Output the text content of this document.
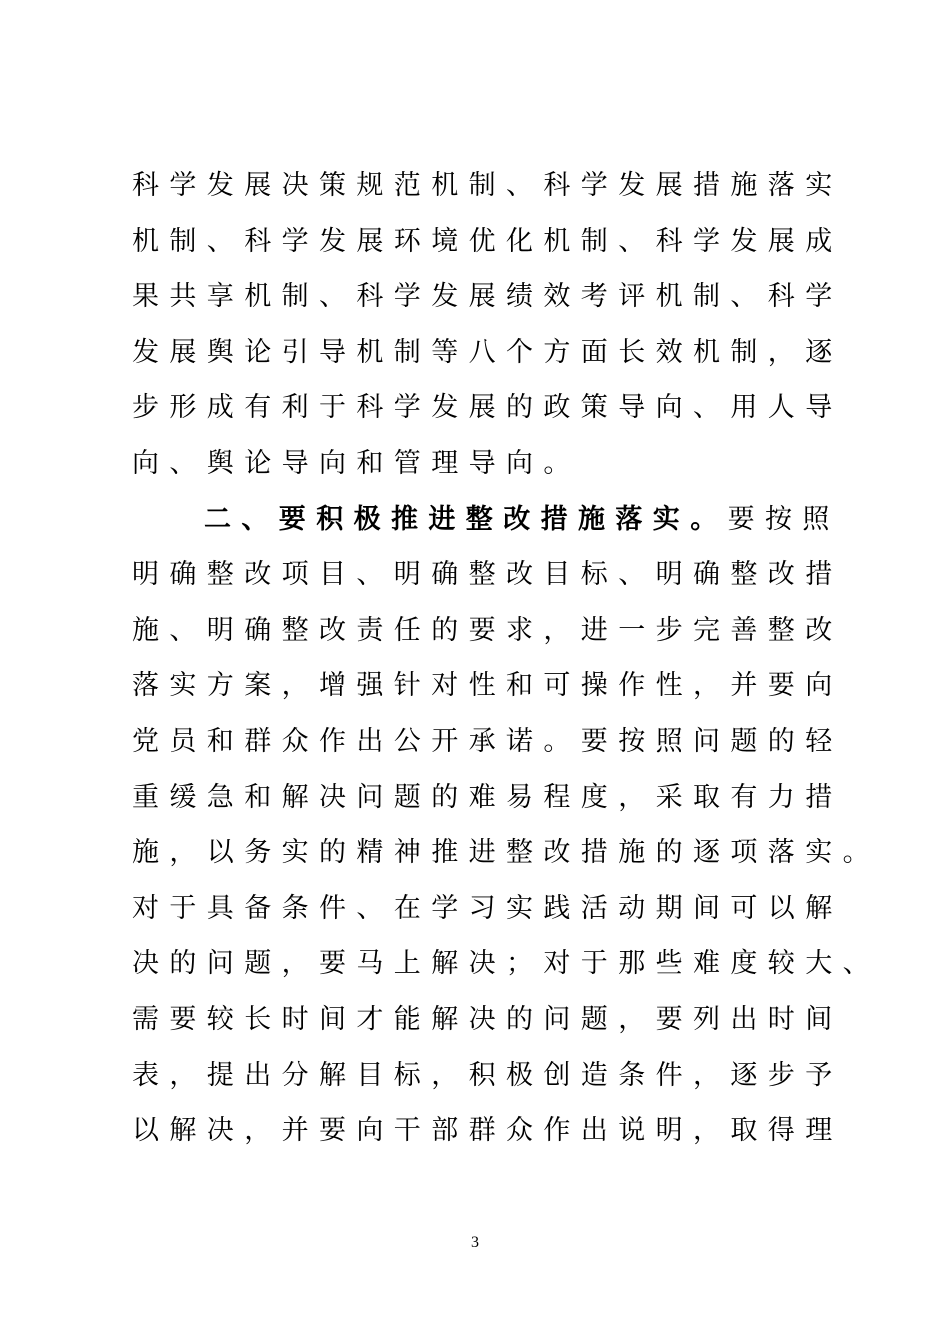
科学发展决策规范机制、科学发展措施落实
机制、科学发展环境优化机制、科学发展成
果共享机制、科学发展绩效考评机制、科学
发展舆论引导机制等八个方面长效机制，逐
步形成有利于科学发展的政策导向、用人导
向、舆论导向和管理导向。
二、要积极推进整改措施落实。要按照
明确整改项目、明确整改目标、明确整改措
施、明确整改责任的要求，进一步完善整改
落实方案，增强针对性和可操作性，并要向
党员和群众作出公开承诺。要按照问题的轻
重缓急和解决问题的难易程度，采取有力措
施，以务实的精神推进整改措施的逐项落实。
对于具备条件、在学习实践活动期间可以解
决的问题，要马上解决；对于那些难度较大、
需要较长时间才能解决的问题，要列出时间
表，提出分解目标，积极创造条件，逐步予
以解决，并要向干部群众作出说明，取得理
3
